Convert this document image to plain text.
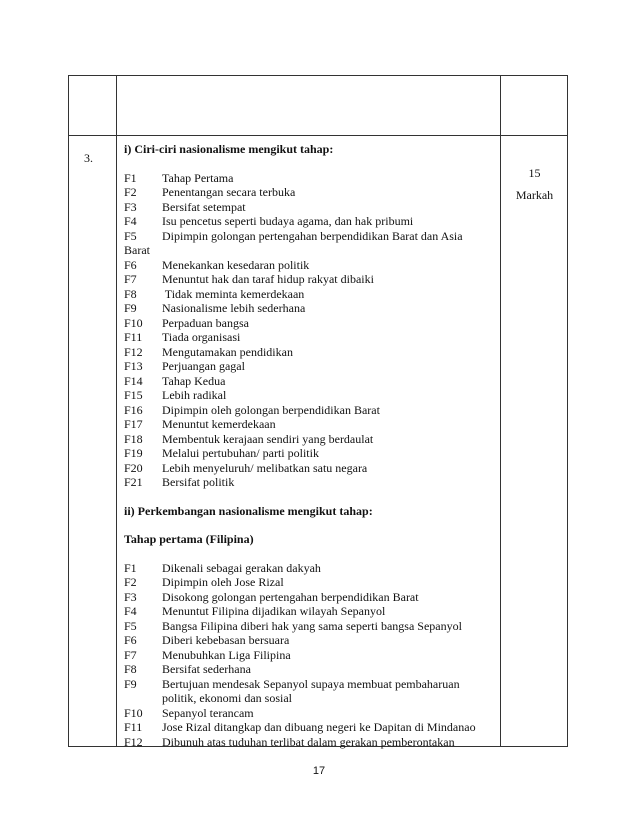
3.

i) Ciri-ciri nasionalisme mengikut tahap:

F1	Tahap Pertama
F2	Penentangan secara terbuka
F3	Bersifat setempat
F4	Isu pencetus seperti budaya agama, dan hak pribumi
F5	Dipimpin golongan pertengahan berpendidikan Barat dan Asia
Barat
F6	Menekankan kesedaran politik
F7	Menuntut hak dan taraf hidup rakyat dibaiki
F8	Tidak meminta kemerdekaan
F9	Nasionalisme lebih sederhana
F10	Perpaduan bangsa
F11	Tiada organisasi
F12	Mengutamakan pendidikan
F13	Perjuangan gagal
F14	Tahap Kedua
F15	Lebih radikal
F16	Dipimpin oleh golongan berpendidikan Barat
F17	Menuntut kemerdekaan
F18	Membentuk kerajaan sendiri yang berdaulat
F19	Melalui pertubuhan/ parti politik
F20	Lebih menyeluruh/ melibatkan satu negara
F21	Bersifat politik

ii) Perkembangan nasionalisme mengikut tahap:

Tahap pertama (Filipina)

F1	Dikenali sebagai gerakan dakyah
F2	Dipimpin oleh Jose Rizal
F3	Disokong golongan pertengahan berpendidikan Barat
F4	Menuntut Filipina dijadikan wilayah Sepanyol
F5	Bangsa Filipina diberi hak yang sama seperti bangsa Sepanyol
F6	Diberi kebebasan bersuara
F7	Menubuhkan Liga Filipina
F8	Bersifat sederhana
F9	Bertujuan mendesak Sepanyol supaya membuat pembaharuan politik, ekonomi dan sosial
F10	Sepanyol terancam
F11	Jose Rizal ditangkap dan dibuang negeri ke Dapitan di Mindanao
F12	Dibunuh atas tuduhan terlibat dalam gerakan pemberontakan
15
Markah
17
